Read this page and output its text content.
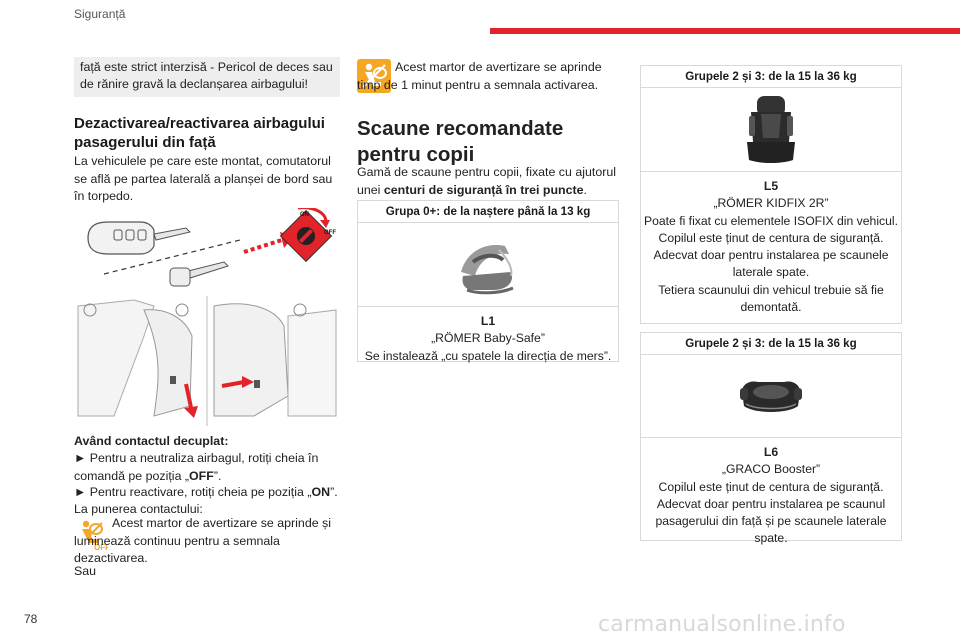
Siguranță
față este strict interzisă - Pericol de deces sau de rănire gravă la declanșarea airbagului!
Dezactivarea/reactivarea airbagului pasagerului din față
La vehiculele pe care este montat, comutatorul se află pe partea laterală a planșei de bord sau în torpedo.
ON
OFF
Având contactul decuplat:
► Pentru a neutraliza airbagul, rotiți cheia în comandă pe poziția „OFF”.
► Pentru reactivare, rotiți cheia pe poziția „ON”.
La punerea contactului:
OFF
Acest martor de avertizare se aprinde și luminează continuu pentru a semnala dezactivarea.
Sau
Acest martor de avertizare se aprinde timp de 1 minut pentru a semnala activarea.
Scaune recomandate pentru copii
Gamă de scaune pentru copii, fixate cu ajutorul unei centuri de siguranță în trei puncte.
Grupa 0+: de la naștere până la 13 kg
L1
„RÖMER Baby-Safe”
Se instalează „cu spatele la direcția de mers”.
Grupele 2 și 3: de la 15 la 36 kg
L5
„RÖMER KIDFIX 2R”
Poate fi fixat cu elementele ISOFIX din vehicul.
Copilul este ținut de centura de siguranță.
Adecvat doar pentru instalarea pe scaunele laterale spate.
Tetiera scaunului din vehicul trebuie să fie demontată.
Grupele 2 și 3: de la 15 la 36 kg
L6
„GRACO Booster”
Copilul este ținut de centura de siguranță.
Adecvat doar pentru instalarea pe scaunul pasagerului din față și pe scaunele laterale spate.
78	carmanualsonline.info
